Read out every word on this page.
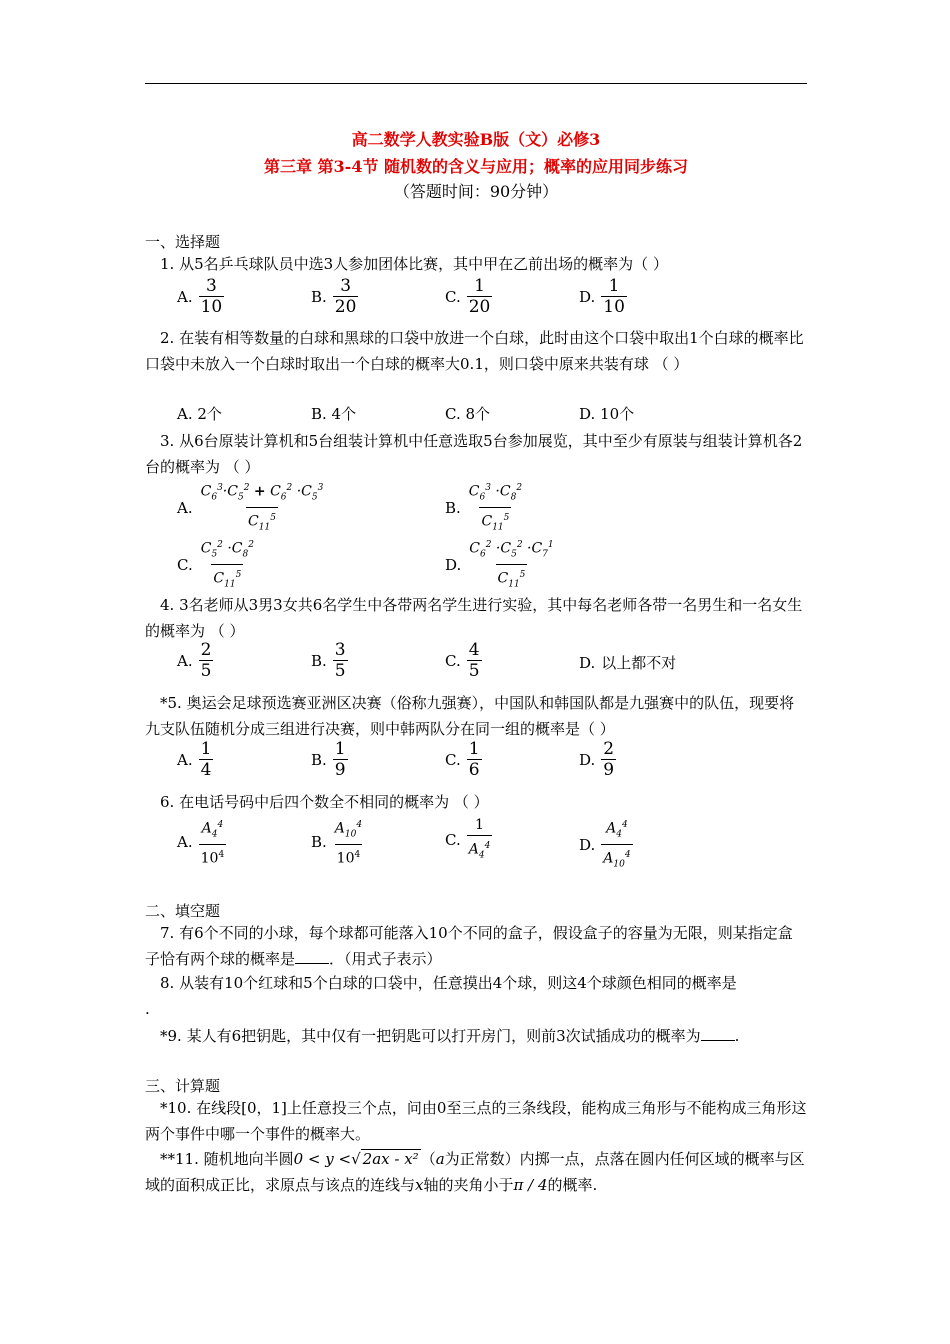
高二数学人教实验B版（文）必修3
第三章 第3-4节 随机数的含义与应用；概率的应用同步练习
（答题时间：90分钟）
一、选择题
1. 从5名乒乓球队员中选3人参加团体比赛，其中甲在乙前出场的概率为（ ）
A.
3
10
B.
3
20
C.
1
20
D.
1
10
2. 在装有相等数量的白球和黑球的口袋中放进一个白球，此时由这个口袋中取出1个白球的概率比口袋中未放入一个白球时取出一个白球的概率大0.1，则口袋中原来共装有球 （ ）
A. 2个	B. 4个	C. 8个	D. 10个
3. 从6台原装计算机和5台组装计算机中任意选取5台参加展览，其中至少有原装与组装计算机各2台的概率为 （ ）
A.
$C_6^3\cdot C_5^2 + C_6^2 \cdot C_5^3$
$C_{11}^5$
B.
$C_6^3 \cdot C_8^2$
$C_{11}^5$
C.
$C_5^2 \cdot C_8^2$
$C_{11}^5$
D.
$C_6^2 \cdot C_5^2 \cdot C_7^1$
$C_{11}^5$
4. 3名老师从3男3女共6名学生中各带两名学生进行实验，其中每名老师各带一名男生和一名女生的概率为 （ ）
A.
2
5
B.
3
5
C.
4
5	D. 以上都不对
*5. 奥运会足球预选赛亚洲区决赛（俗称九强赛），中国队和韩国队都是九强赛中的队伍，现要将九支队伍随机分成三组进行决赛，则中韩两队分在同一组的概率是（ ）
A.
1
4
B.
1
9
C.
1
6
D.
2
9
6. 在电话号码中后四个数全不相同的概率为 （ ）
A.
$A_4^4$
$10^4$
B.
$A_{10}^4$
$10^4$
C.
1
$A_4^4$	D.
$A_4^4$
$A_{10}^4$
二、填空题
7. 有6个不同的小球，每个球都可能落入10个不同的盒子，假设盒子的容量为无限，则某指定盒子恰有两个球的概率是 ．（用式子表示）
8. 从装有10个红球和5个白球的口袋中，任意摸出4个球，则这4个球颜色相同的概率是
.
*9. 某人有6把钥匙，其中仅有一把钥匙可以打开房门，则前3次试插成功的概率为 .
三、计算题
*10. 在线段[0，1]上任意投三个点，问由0至三点的三条线段，能构成三角形与不能构成三角形这两个事件中哪一个事件的概率大。
**11. 随机地向半圆0 < y <√ 2ax - x² （a为正常数）内掷一点，点落在圆内任何区域的概率与区域的面积成正比，求原点与该点的连线与x轴的夹角小于π / 4的概率.
